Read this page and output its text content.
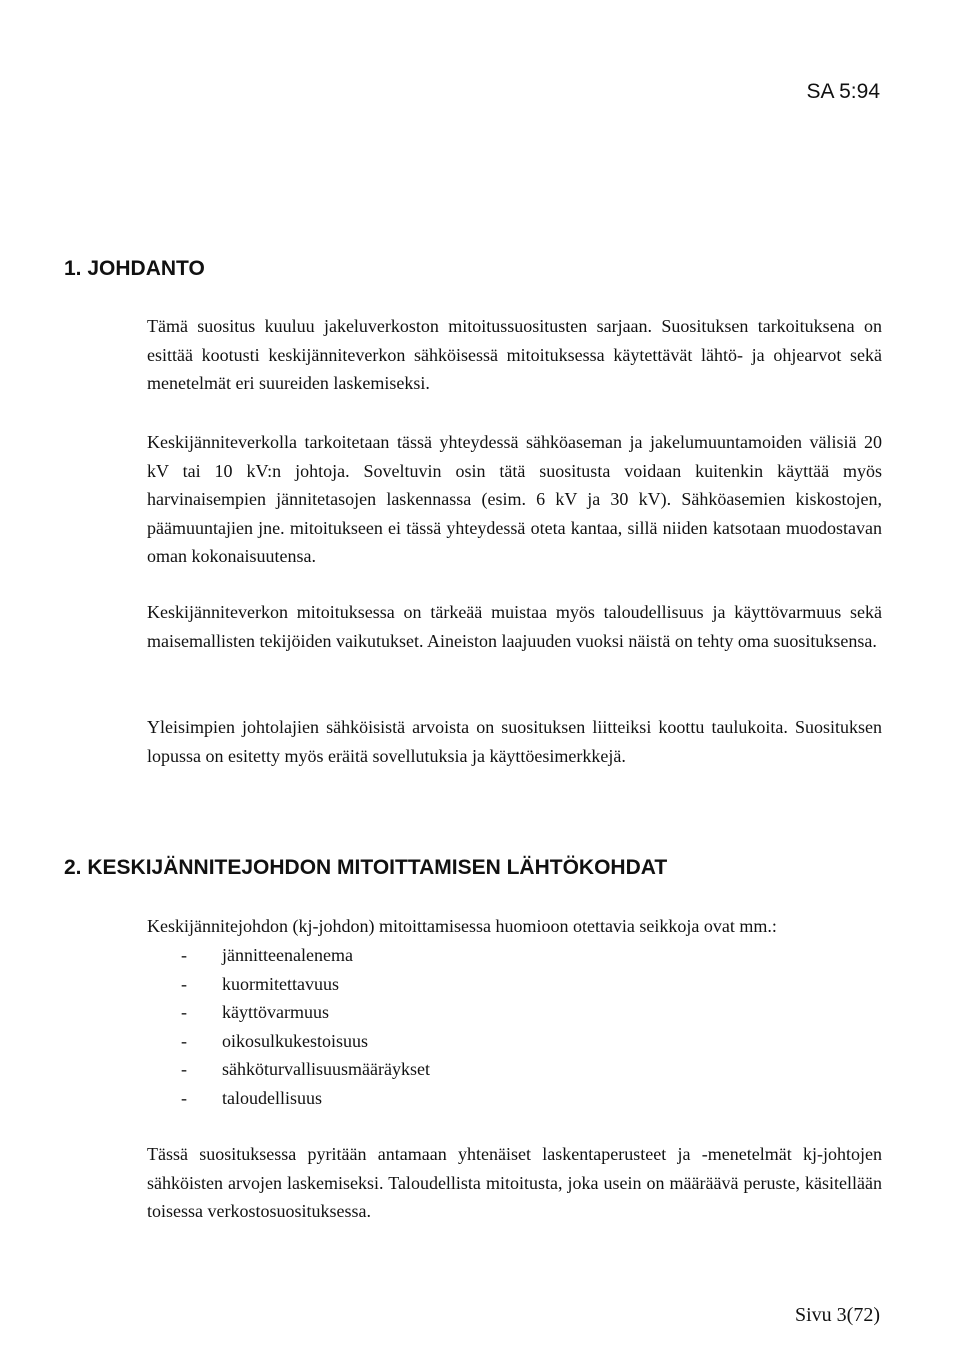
SA 5:94
1. JOHDANTO

Tämä suositus kuuluu jakeluverkoston mitoitussuositusten sarjaan. Suosituksen tarkoituksena on esittää kootusti keskijänniteverkon sähköisessä mitoituksessa käytettävät lähtö- ja ohjearvot sekä menetelmät eri suureiden laskemiseksi.

Keskijänniteverkolla tarkoitetaan tässä yhteydessä sähköaseman ja jakelumuuntamoiden välisiä 20 kV tai 10 kV:n johtoja. Soveltuvin osin tätä suositusta voidaan kuitenkin käyttää myös harvinaisempien jännitetasojen laskennassa (esim. 6 kV ja 30 kV). Sähköasemien kiskostojen, päämuuntajien jne. mitoitukseen ei tässä yhteydessä oteta kantaa, sillä niiden katsotaan muodostavan oman kokonaisuutensa.

Keskijänniteverkon mitoituksessa on tärkeää muistaa myös taloudellisuus ja käyttövarmuus sekä maisemallisten tekijöiden vaikutukset. Aineiston laajuuden vuoksi näistä on tehty oma suosituksensa.

Yleisimpien johtolajien sähköisistä arvoista on suosituksen liitteiksi koottu taulukoita. Suosituksen lopussa on esitetty myös eräitä sovellutuksia ja käyttöesimerkkejä.

2. KESKIJÄNNITEJOHDON MITOITTAMISEN LÄHTÖKOHDAT

Keskijännitejohdon (kj-johdon) mitoittamisessa huomioon otettavia seikkoja ovat mm.:

- jännitteenalenema
- kuormitettavuus
- käyttövarmuus
- oikosulkukestoisuus
- sähköturvallisuusmääräykset
- taloudellisuus

Tässä suosituksessa pyritään antamaan yhtenäiset laskentaperusteet ja -menetelmät kj-johtojen sähköisten arvojen laskemiseksi. Taloudellista mitoitusta, joka usein on määräävä peruste, käsitellään toisessa verkostosuosituksessa.

Sivu 3(72)
